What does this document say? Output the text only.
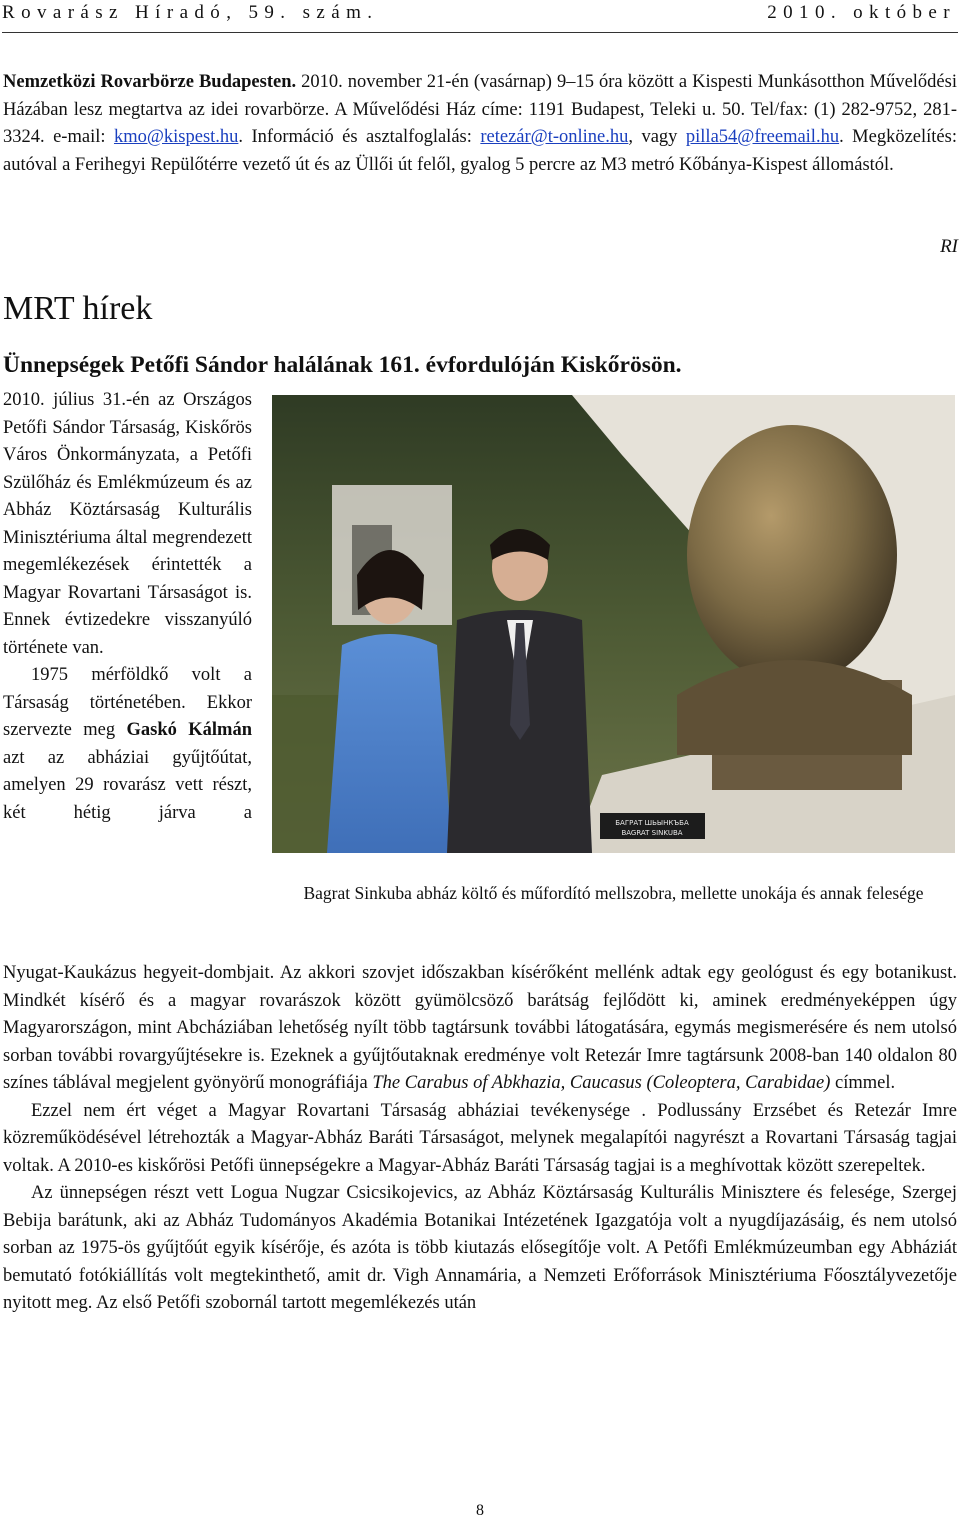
Rovarász Híradó, 59. szám.	2010. október

Nemzetközi Rovarbörze Budapesten. 2010. november 21-én (vasárnap) 9–15 óra között a Kispesti Munkásotthon Művelődési Házában lesz megtartva az idei rovarbörze. A Művelődési Ház címe: 1191 Budapest, Teleki u. 50. Tel/fax: (1) 282-9752, 281-3324. e-mail: kmo@kispest.hu. Információ és asztalfoglalás: retezár@t-online.hu, vagy pilla54@freemail.hu. Megközelítés: autóval a Ferihegyi Repülőtérre vezető út és az Üllői út felől, gyalog 5 percre az M3 metró Kőbánya-Kispest állomástól.

RI
MRT hírek
Ünnepségek Petőfi Sándor halálának 161. évfordulóján Kiskőrösön.

2010. július 31.-én az Országos Petőfi Sándor Társaság, Kiskőrös Város Önkormányzata, a Petőfi Szülőház és Emlékmúzeum és az Abház Köztársaság Kulturális Minisztériuma által megrendezett megemlékezések érintették a Magyar Rovartani Társaságot is. Ennek évtizedekre visszanyúló története van.

1975 mérföldkő volt a Társaság történetében. Ekkor szervezte meg Gaskó Kálmán azt az abháziai gyűjtőútat, amelyen 29 rovarász vett részt, két hétig járva a

БАГРАТ ШЬЫНКЪБА
BAGRAT SINKUBA
Bagrat Sinkuba abház költő és műfordító mellszobra, mellette unokája és annak felesége

Nyugat-Kaukázus hegyeit-dombjait. Az akkori szovjet időszakban kísérőként mellénk adtak egy geológust és egy botanikust. Mindkét kísérő és a magyar rovarászok között gyümölcsöző barátság fejlődött ki, aminek eredményeképpen úgy Magyarországon, mint Abcháziában lehetőség nyílt több tagtársunk további látogatására, egymás megismerésére és nem utolsó sorban további rovargyűjtésekre is. Ezeknek a gyűjtőutaknak eredménye volt Retezár Imre tagtársunk 2008-ban 140 oldalon 80 színes táblával megjelent gyönyörű monográfiája The Carabus of Abkhazia, Caucasus (Coleoptera, Carabidae) címmel.

Ezzel nem ért véget a Magyar Rovartani Társaság abháziai tevékenysége . Podlussány Erzsébet és Retezár Imre közreműködésével létrehozták a Magyar-Abház Baráti Társaságot, melynek megalapítói nagyrészt a Rovartani Társaság tagjai voltak. A 2010-es kiskőrösi Petőfi ünnepségekre a Magyar-Abház Baráti Társaság tagjai is a meghívottak között szerepeltek.

Az ünnepségen részt vett Logua Nugzar Csicsikojevics, az Abház Köztársaság Kulturális Minisztere és felesége, Szergej Bebija barátunk, aki az Abház Tudományos Akadémia Botanikai Intézetének Igazgatója volt a nyugdíjazásáig, és nem utolsó sorban az 1975-ös gyűjtőút egyik kísérője, és azóta is több kiutazás elősegítője volt. A Petőfi Emlékmúzeumban egy Abháziát bemutató fotókiállítás volt megtekinthető, amit dr. Vigh Annamária, a Nemzeti Erőforrások Minisztériuma Főosztályvezetője nyitott meg. Az első Petőfi szobornál tartott megemlékezés után

8
